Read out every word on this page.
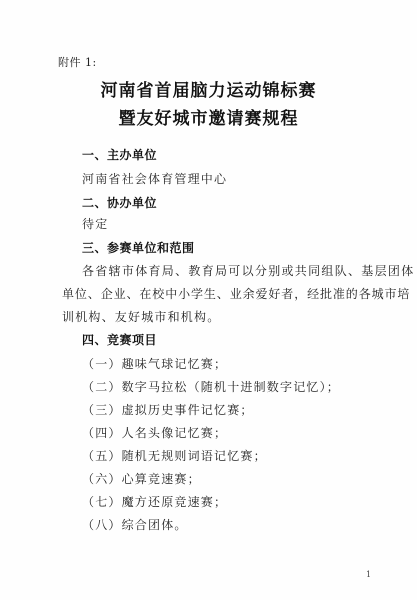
附件 1:
河南省首届脑力运动锦标赛
暨友好城市邀请赛规程
一、主办单位
河南省社会体育管理中心
二、协办单位
待定
三、参赛单位和范围
各省辖市体育局、教育局可以分别或共同组队、基层团体
单位、企业、在校中小学生、业余爱好者，经批准的各城市培
训机构、友好城市和机构。
四、竞赛项目
（一）趣味气球记忆赛；
（二）数字马拉松（随机十进制数字记忆）；
（三）虚拟历史事件记忆赛；
（四）人名头像记忆赛；
（五）随机无规则词语记忆赛；
（六）心算竞速赛；
（七）魔方还原竞速赛；
（八）综合团体。
1
